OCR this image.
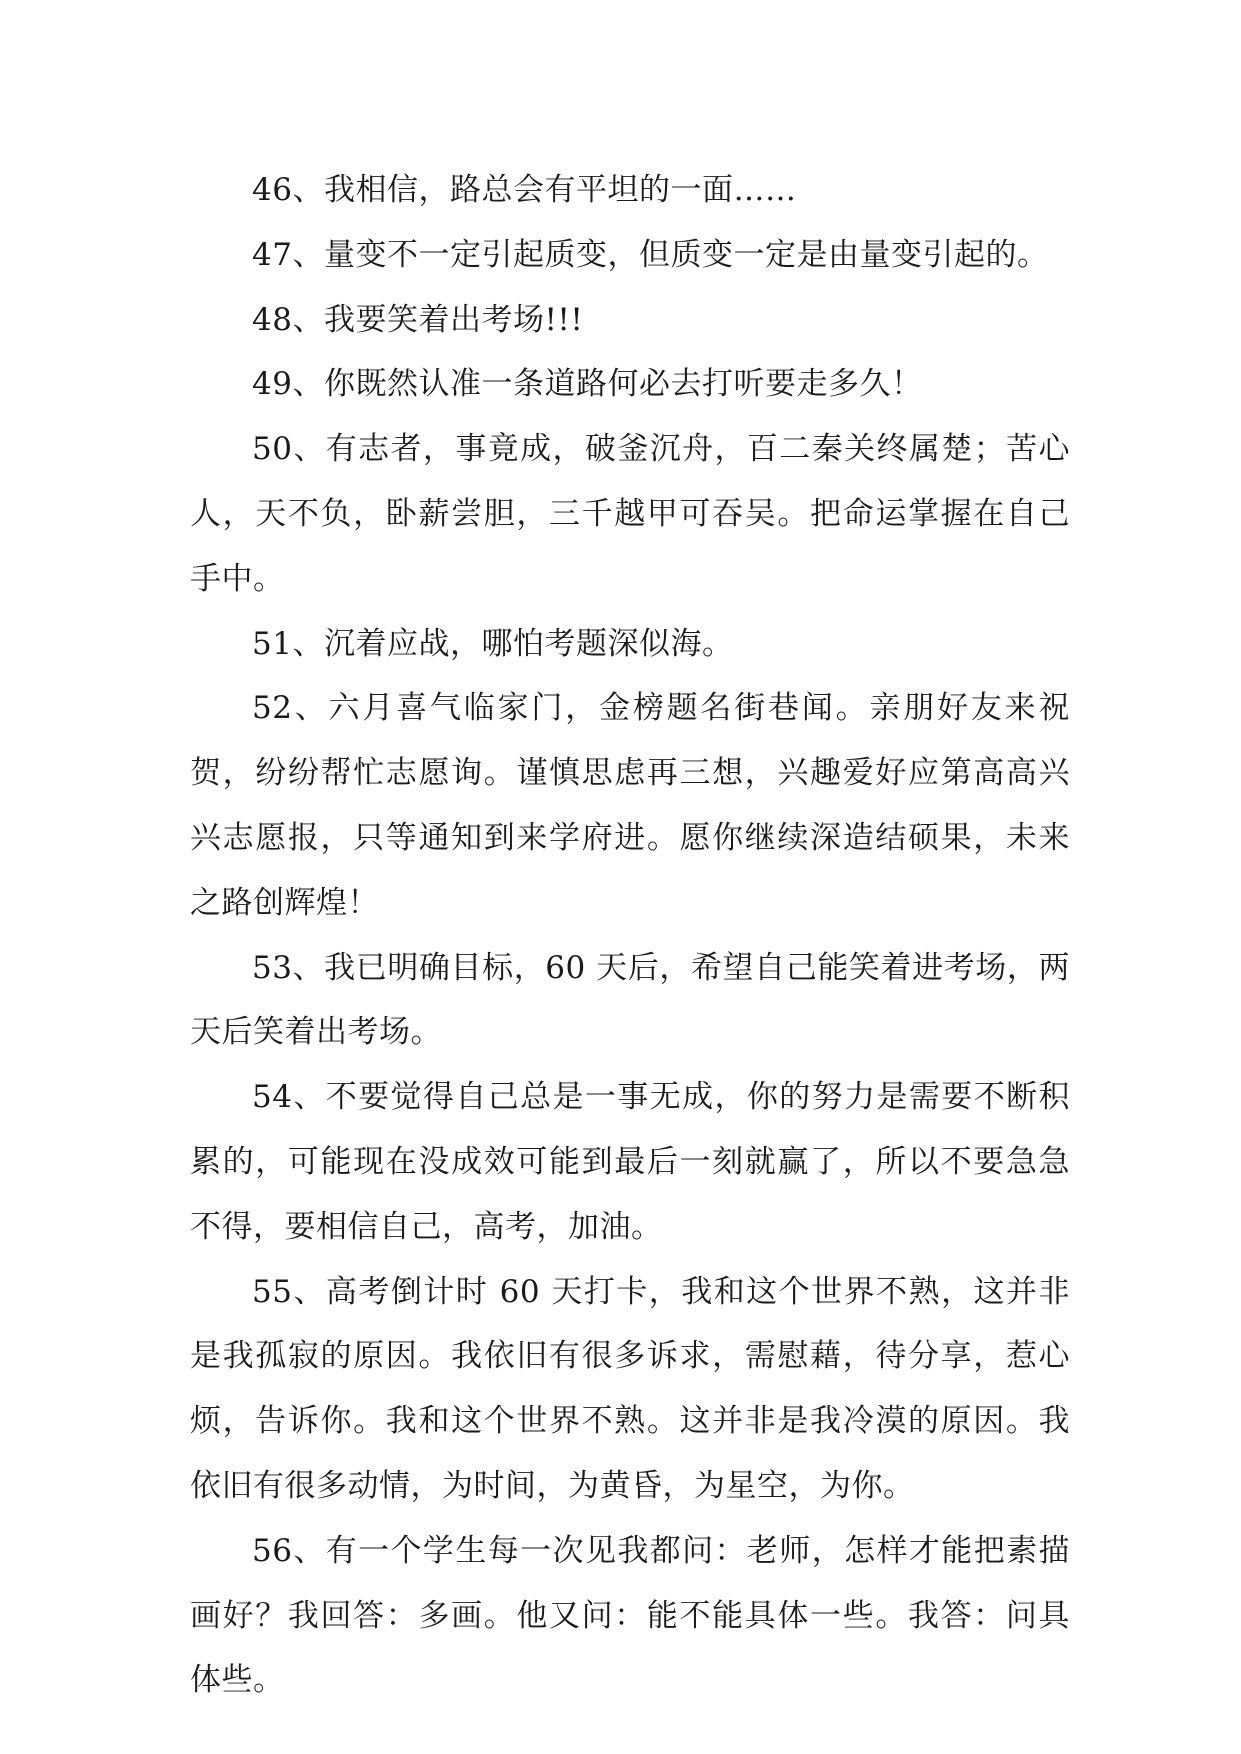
46、我相信，路总会有平坦的一面……

47、量变不一定引起质变，但质变一定是由量变引起的。

48、我要笑着出考场!!!

49、你既然认准一条道路何必去打听要走多久！

50、有志者，事竟成，破釜沉舟，百二秦关终属楚；苦心人，天不负，卧薪尝胆，三千越甲可吞吴。把命运掌握在自己手中。

51、沉着应战，哪怕考题深似海。

52、六月喜气临家门，金榜题名街巷闻。亲朋好友来祝贺，纷纷帮忙志愿询。谨慎思虑再三想，兴趣爱好应第高高兴兴志愿报，只等通知到来学府进。愿你继续深造结硕果，未来之路创辉煌！

53、我已明确目标，60 天后，希望自己能笑着进考场，两天后笑着出考场。

54、不要觉得自己总是一事无成，你的努力是需要不断积累的，可能现在没成效可能到最后一刻就赢了，所以不要急急不得，要相信自己，高考，加油。

55、高考倒计时 60 天打卡，我和这个世界不熟，这并非是我孤寂的原因。我依旧有很多诉求，需慰藉，待分享，惹心烦，告诉你。我和这个世界不熟。这并非是我冷漠的原因。我依旧有很多动情，为时间，为黄昏，为星空，为你。

56、有一个学生每一次见我都问：老师，怎样才能把素描画好？我回答：多画。他又问：能不能具体一些。我答：问具体些。
